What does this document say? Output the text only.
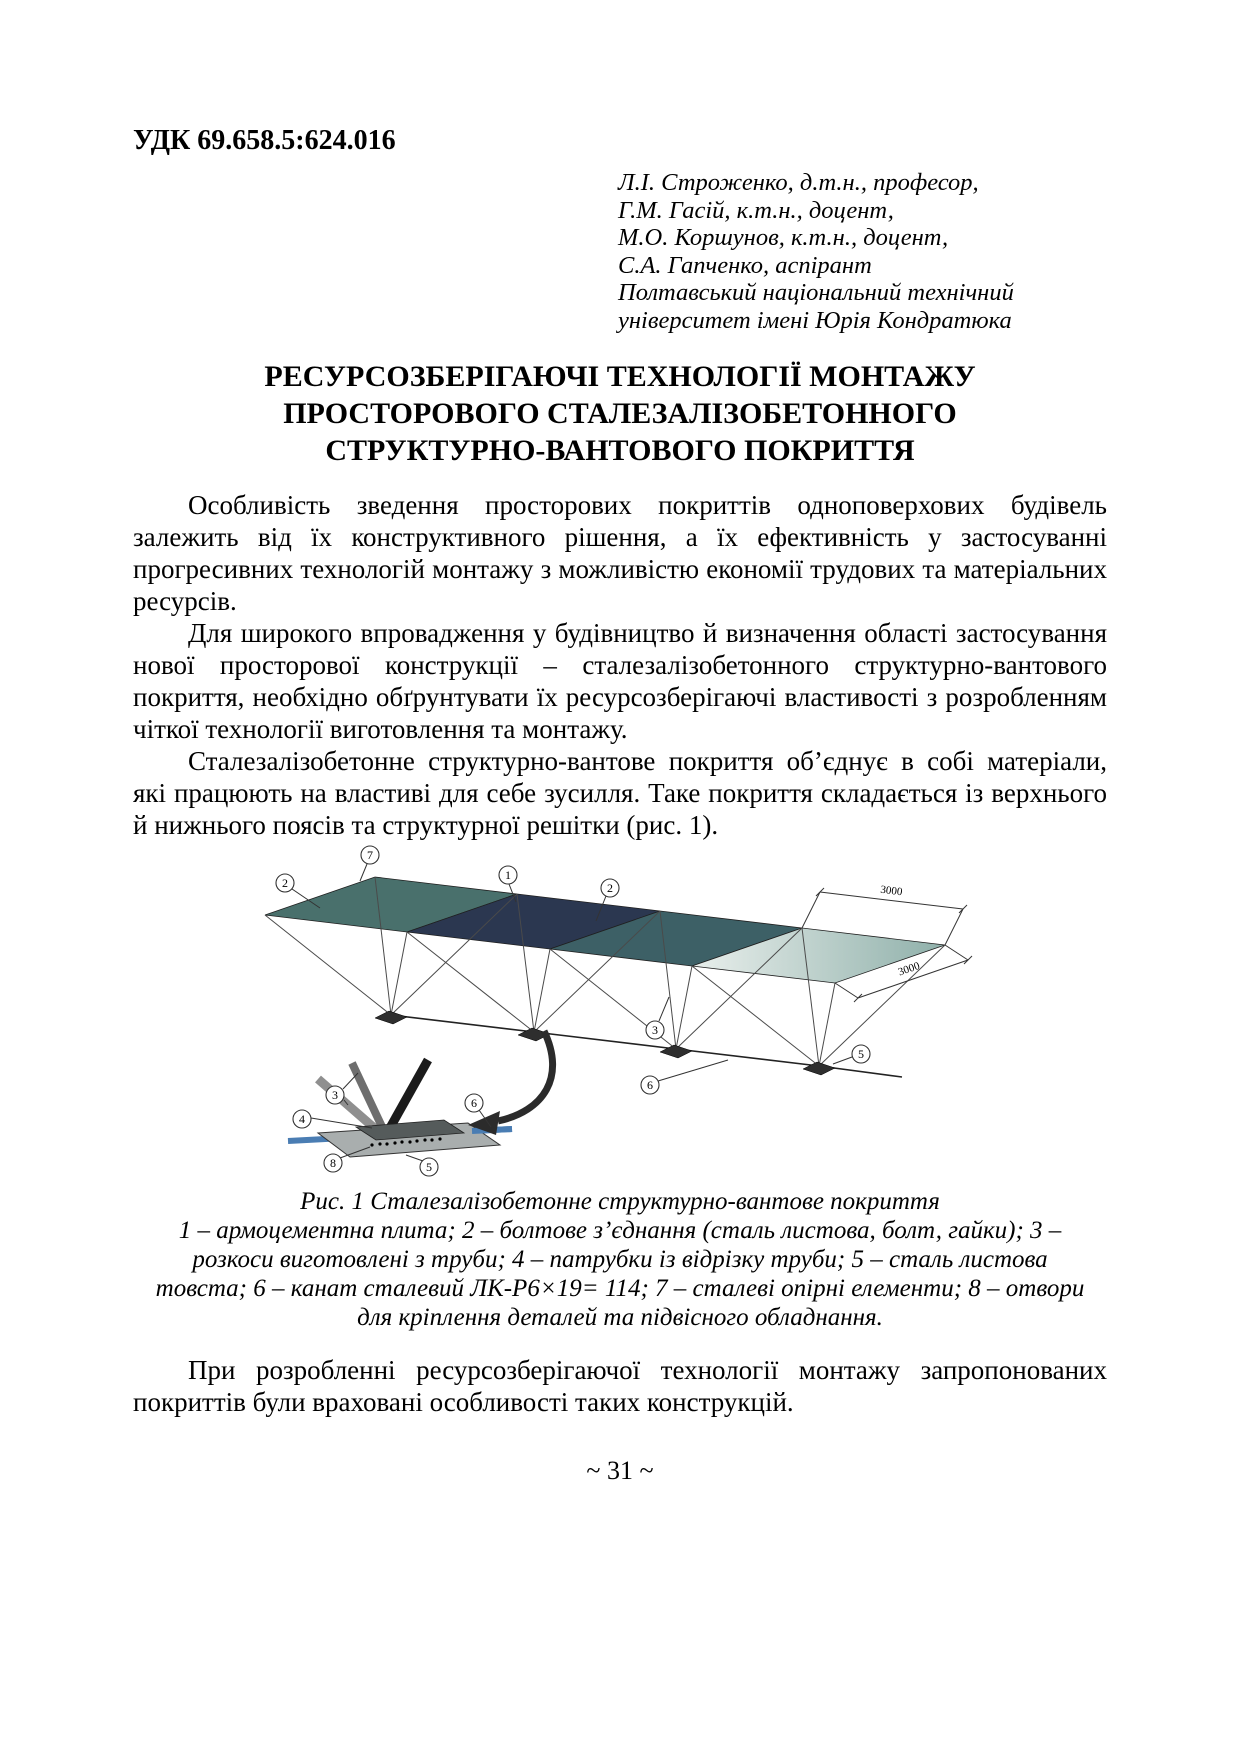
УДК 69.658.5:624.016
Л.І. Строженко, д.т.н., професор,
Г.М. Гасій, к.т.н., доцент,
М.О. Коршунов, к.т.н., доцент,
С.А. Гапченко, аспірант
Полтавський національний технічний
університет імені Юрія Кондратюка
РЕСУРСОЗБЕРІГАЮЧІ ТЕХНОЛОГІЇ МОНТАЖУ
ПРОСТОРОВОГО СТАЛЕЗАЛІЗОБЕТОННОГО
СТРУКТУРНО-ВАНТОВОГО ПОКРИТТЯ

Особливість зведення просторових покриттів одноповерхових будівель залежить від їх конструктивного рішення, а їх ефективність у застосуванні прогресивних технологій монтажу з можливістю економії трудових та матеріальних ресурсів.

Для широкого впровадження у будівництво й визначення області застосування нової просторової конструкції – сталезалізобетонного структурно-вантового покриття, необхідно обґрунтувати їх ресурсозберігаючі властивості з розробленням чіткої технології виготовлення та монтажу.

Сталезалізобетонне структурно-вантове покриття об’єднує в собі матеріали, які працюють на властиві для себе зусилля. Таке покриття складається із верхнього й нижнього поясів та структурної решітки (рис. 1).

3000
3000
2
7
1
2
3
5
6
3
4
6
8	5
Рис. 1 Сталезалізобетонне структурно-вантове покриття
1 – армоцементна плита; 2 – болтове з’єднання (сталь листова, болт, гайки); 3 – розкоси виготовлені з труби; 4 – патрубки із відрізку труби; 5 – сталь листова товста; 6 – канат сталевий ЛК-Р6×19= 114; 7 – сталеві опірні елементи; 8 – отвори для кріплення деталей та підвісного обладнання.

При розробленні ресурсозберігаючої технології монтажу запропонованих покриттів були враховані особливості таких конструкцій.

~ 31 ~
